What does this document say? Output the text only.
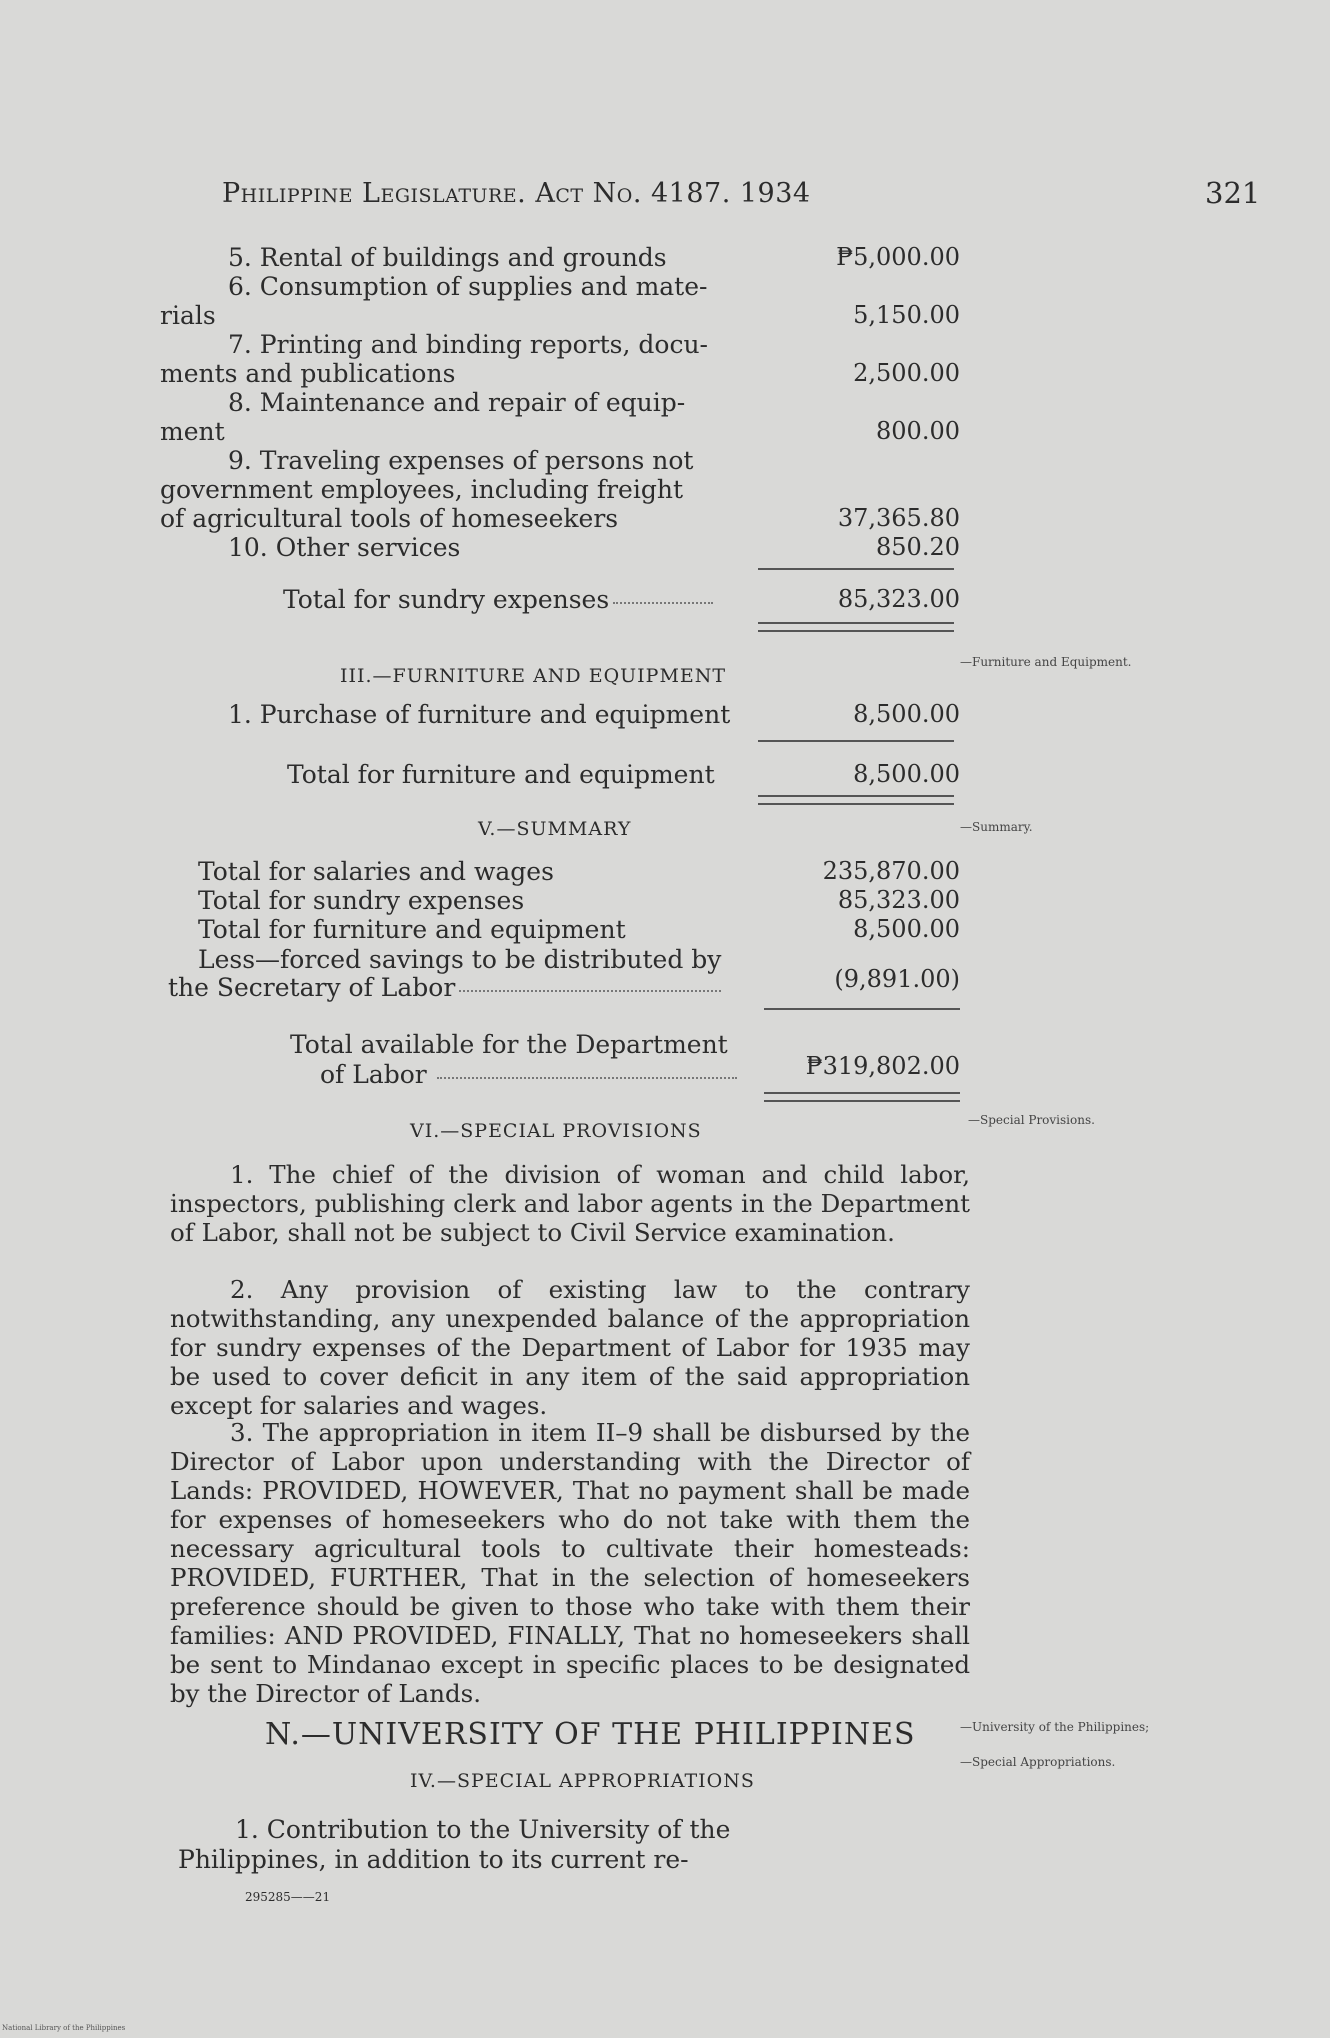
Philippine Legislature. Act No. 4187. 1934	321
5. Rental of buildings and grounds	₱5,000.00
6. Consumption of supplies and mate-
rials	5,150.00
7. Printing and binding reports, docu-
ments and publications	2,500.00
8. Maintenance and repair of equip-
ment	800.00
9. Traveling expenses of persons not
government employees, including freight
of agricultural tools of homeseekers	37,365.80
10. Other services	850.20
Total for sundry expenses	85,323.00
III.—FURNITURE AND EQUIPMENT
—Furniture and Equipment.
1. Purchase of furniture and equipment	8,500.00
Total for furniture and equipment	8,500.00
V.—SUMMARY	—Summary.
Total for salaries and wages	235,870.00
Total for sundry expenses	85,323.00
Total for furniture and equipment	8,500.00
Less—forced savings to be distributed by
the Secretary of Labor	(9,891.00)
Total available for the Department
of Labor	₱319,802.00
VI.—SPECIAL PROVISIONS	—Special Provisions.
1. The chief of the division of woman and child labor, inspectors, publishing clerk and labor agents in the Department of Labor, shall not be subject to Civil Service examination.
2. Any provision of existing law to the contrary notwithstanding, any unexpended balance of the appropriation for sundry expenses of the Department of Labor for 1935 may be used to cover deficit in any item of the said appropriation except for salaries and wages.
3. The appropriation in item II–9 shall be disbursed by the Director of Labor upon understanding with the Director of Lands: PROVIDED, HOWEVER, That no payment shall be made for expenses of homeseekers who do not take with them the necessary agricultural tools to cultivate their homesteads: PROVIDED, FURTHER, That in the selection of homeseekers preference should be given to those who take with them their families: AND PROVIDED, FINALLY, That no homeseekers shall be sent to Mindanao except in specific places to be designated by the Director of Lands.
N.—UNIVERSITY OF THE PHILIPPINES	—University of the Philippines;
IV.—SPECIAL APPROPRIATIONS
—Special Appropriations.
1. Contribution to the University of the
Philippines, in addition to its current re-
295285——21
National Library of the Philippines
